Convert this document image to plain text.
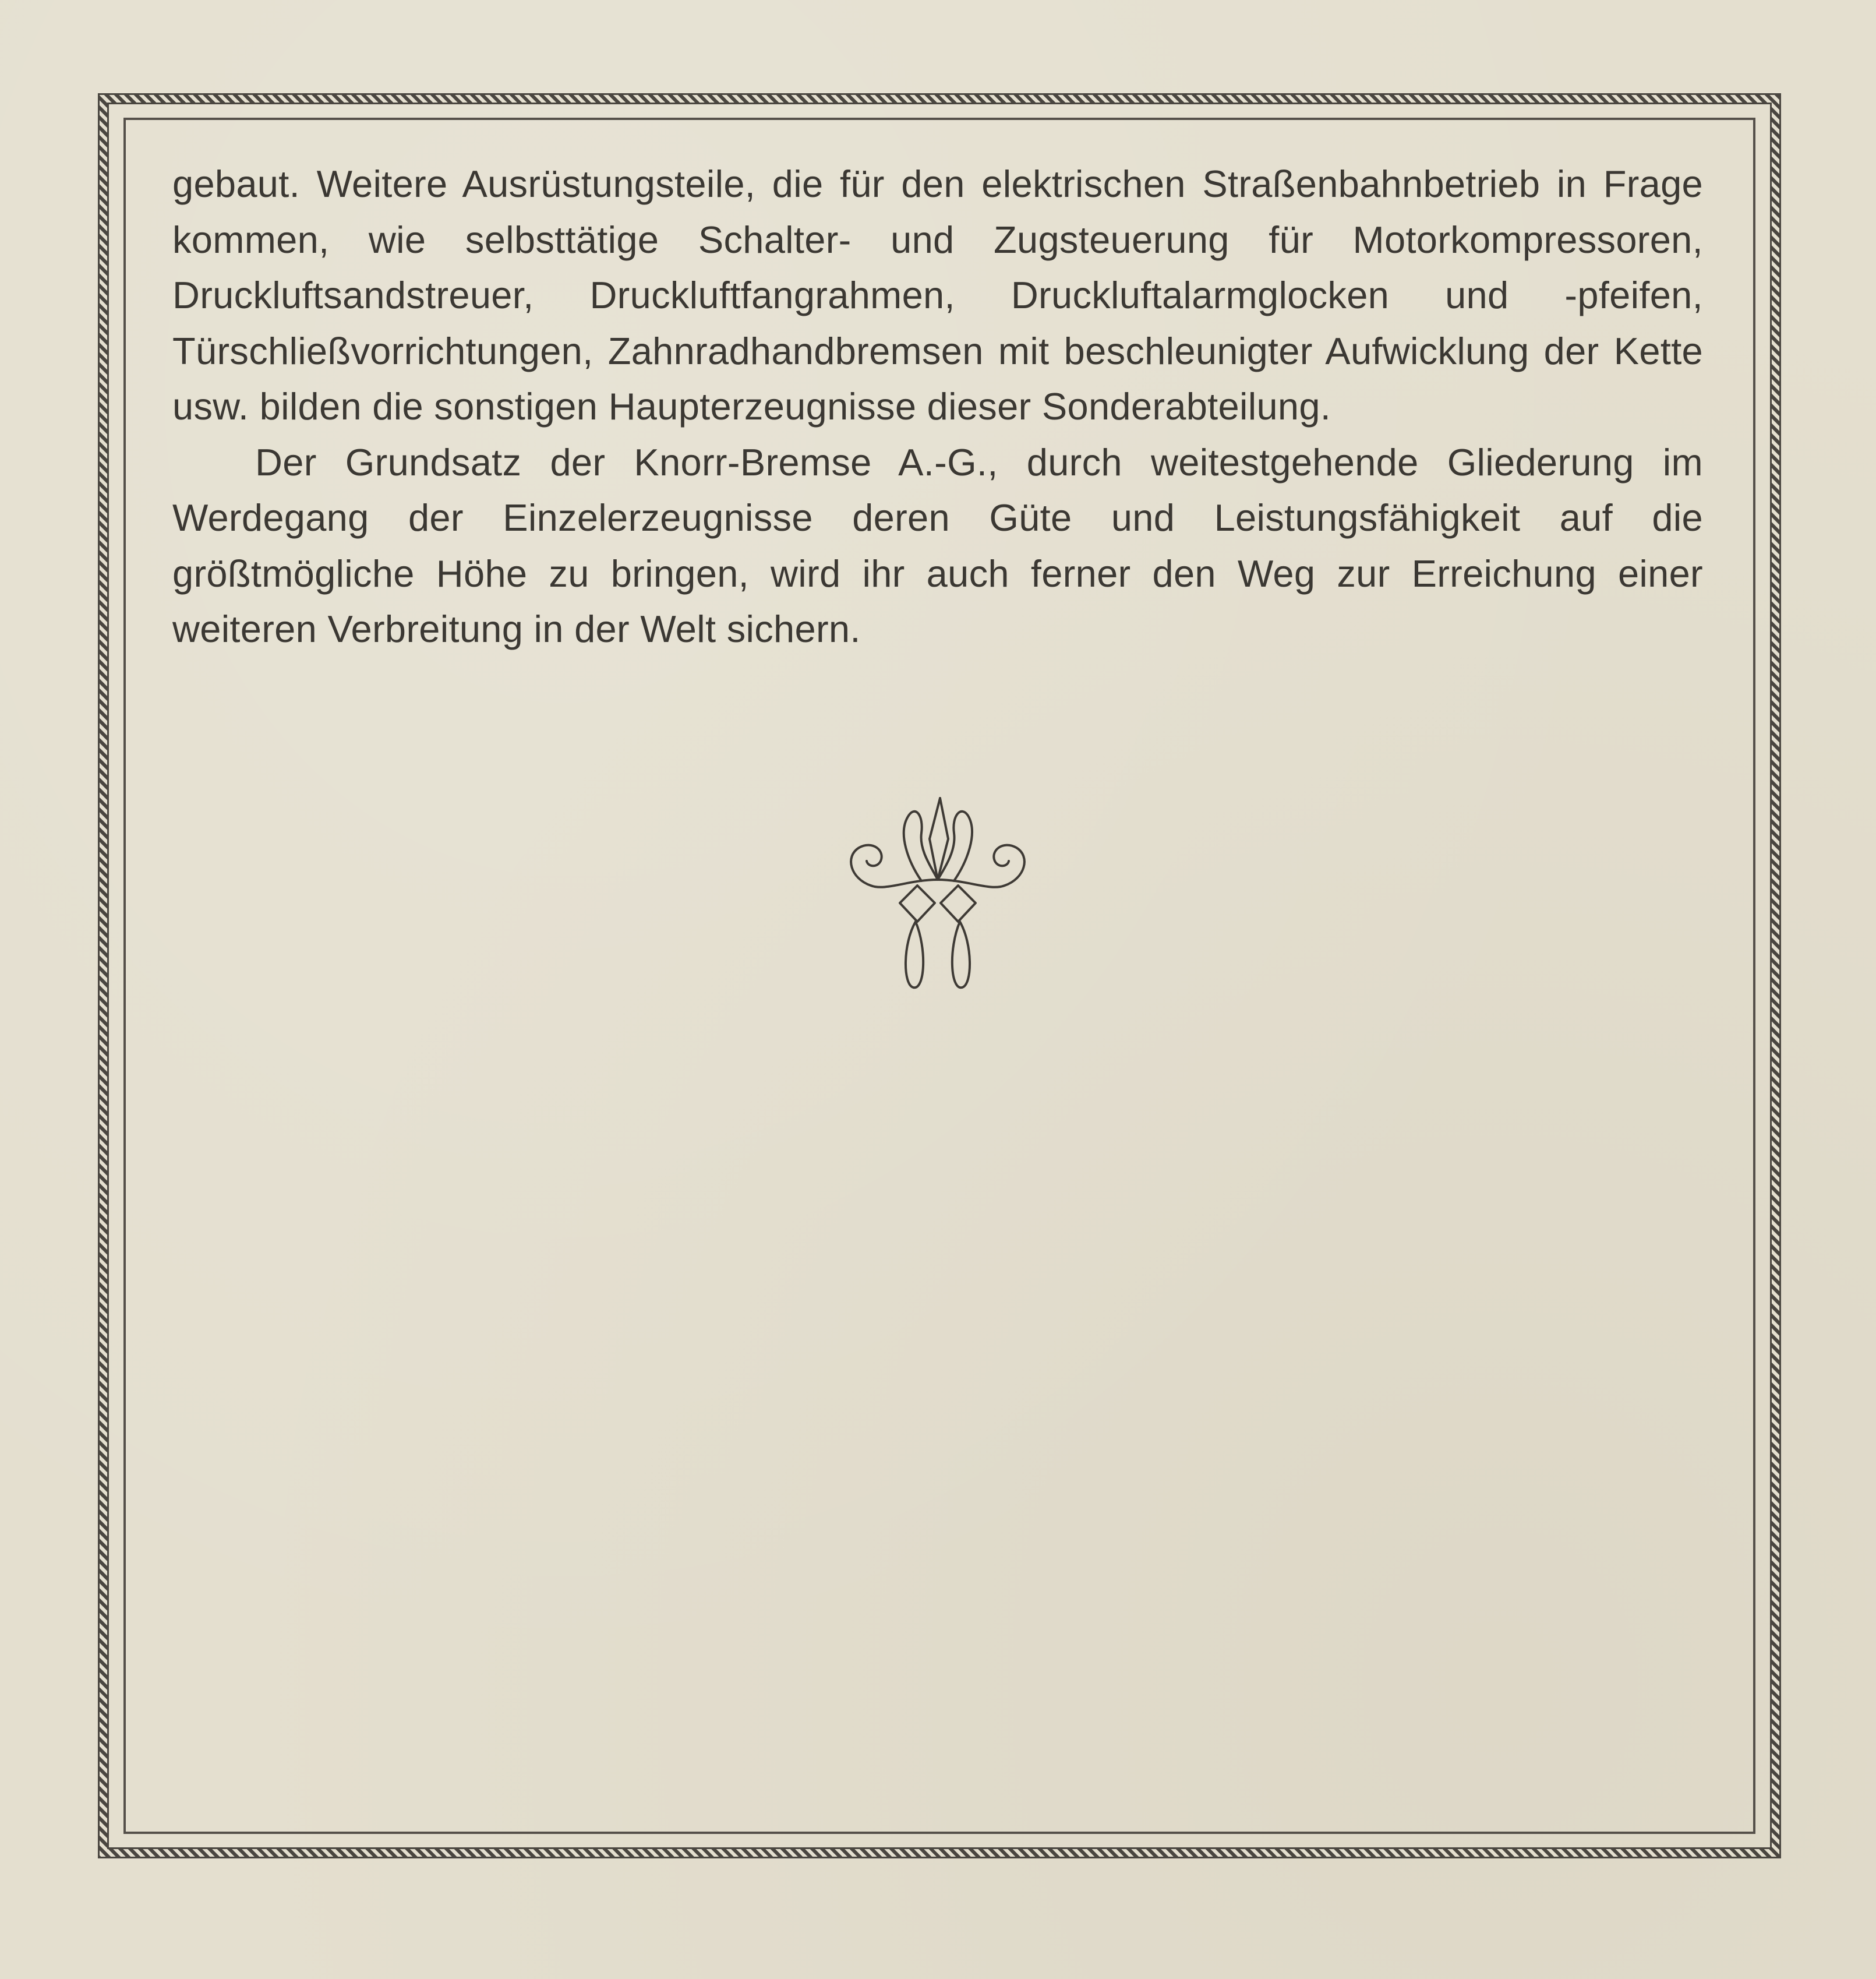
gebaut. Weitere Ausrüstungsteile, die für den elektrischen Straßenbahnbetrieb in Frage kommen, wie selbsttätige Schalter- und Zugsteuerung für Motorkompressoren, Druckluftsandstreuer, Druckluftfangrahmen, Druckluftalarmglocken und -pfeifen, Türschließvorrichtungen, Zahnradhandbremsen mit beschleunigter Aufwicklung der Kette usw. bilden die sonstigen Haupterzeugnisse dieser Sonderabteilung.

Der Grundsatz der Knorr-Bremse A.-G., durch weitestgehende Gliederung im Werdegang der Einzelerzeugnisse deren Güte und Leistungsfähigkeit auf die größtmögliche Höhe zu bringen, wird ihr auch ferner den Weg zur Erreichung einer weiteren Verbreitung in der Welt sichern.
